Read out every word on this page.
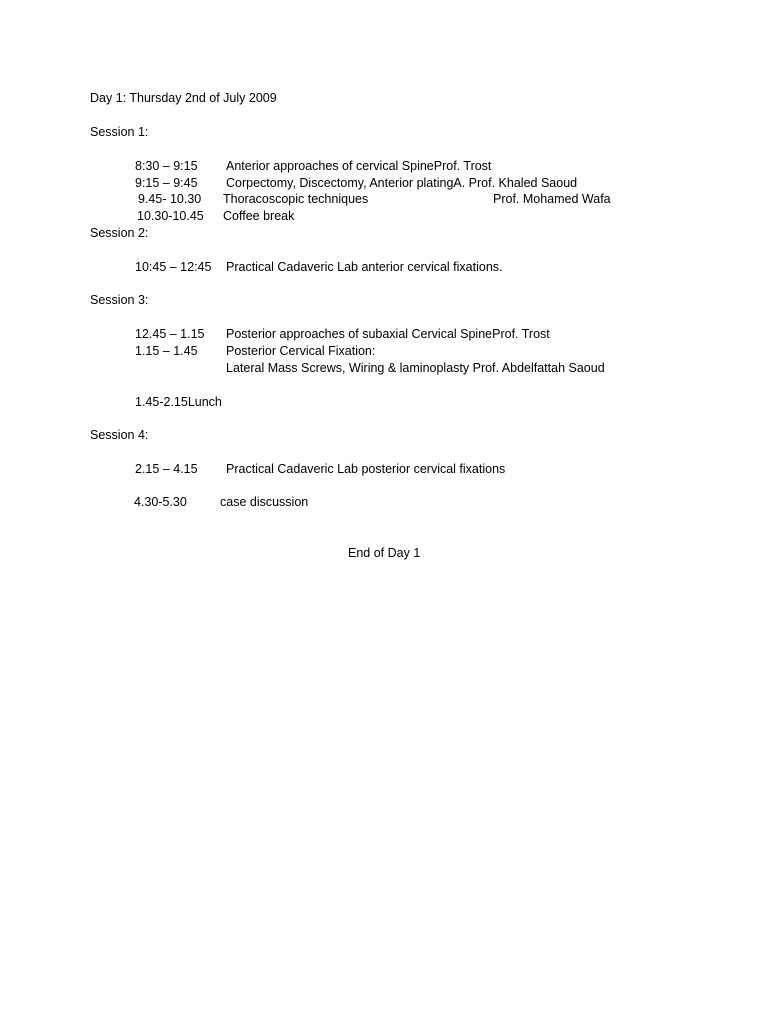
Day 1: Thursday 2nd of July 2009
Session 1:
8:30 – 9:15 Anterior approaches of cervical SpineProf. Trost
9:15 – 9:45 Corpectomy, Discectomy, Anterior platingA. Prof. Khaled Saoud
9.45- 10.30 Thoracoscopic techniques	Prof. Mohamed Wafa
10.30-10.45 Coffee break
Session 2:
10:45 – 12:45 Practical Cadaveric Lab anterior cervical fixations.
Session 3:
12.45 – 1.15 Posterior approaches of subaxial Cervical SpineProf. Trost
1.15 – 1.45 Posterior Cervical Fixation:
Lateral Mass Screws, Wiring & laminoplasty Prof. Abdelfattah Saoud
1.45-2.15Lunch
Session 4:
2.15 – 4.15 Practical Cadaveric Lab posterior cervical fixations
4.30-5.30	case discussion
End of Day 1
